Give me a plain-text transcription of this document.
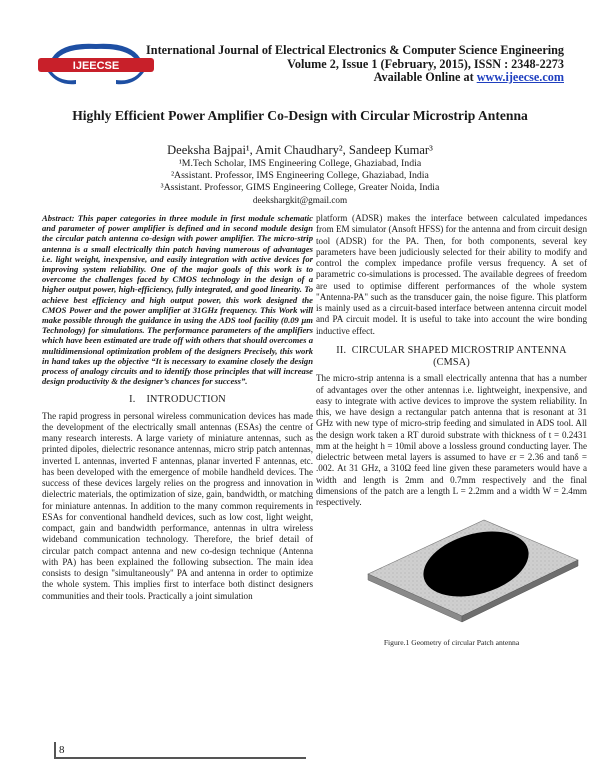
IJEECSE
International Journal of Electrical Electronics & Computer Science Engineering
Volume 2, Issue 1 (February, 2015), ISSN : 2348-2273
Available Online at www.ijeecse.com
Highly Efficient Power Amplifier Co-Design with Circular Microstrip Antenna
Deeksha Bajpai¹, Amit Chaudhary², Sandeep Kumar³
¹M.Tech Scholar, IMS Engineering College, Ghaziabad, India
²Assistant. Professor, IMS Engineering College, Ghaziabad, India
³Assistant. Professor, GIMS Engineering College, Greater Noida, India
deekshargkit@gmail.com

Abstract: This paper categories in three module in first module schematic and parameter of power amplifier is defined and in second module design the circular patch antenna co-design with power amplifier. The micro-strip antenna is a small electrically thin patch having numerous of advantages i.e. light weight, inexpensive, and easily integration with active devices for improving system reliability. One of the major goals of this work is to overcome the challenges faced by CMOS technology in the design of a higher output power, high-efficiency, fully integrated, and good linearity. To achieve best efficiency and high output power, this work designed the CMOS Power and the power amplifier at 31GHz frequency. This Work will make possible through the guidance in using the ADS tool facility (0.09 µm Technology) for simulations. The performance parameters of the amplifiers which have been estimated are trade off with others that should overcomes a multidimensional optimization problem of the designers Precisely, this work in hand takes up the objective “It is necessary to examine closely the design process of analogy circuits and to identify those principles that will increase design productivity & the designer’s chances for success”.

I.    INTRODUCTION

The rapid progress in personal wireless communication devices has made the development of the electrically small antennas (ESAs) the centre of many research interests. A large variety of miniature antennas, such as printed dipoles, dielectric resonance antennas, micro strip patch antennas, inverted L antennas, inverted F antennas, planar inverted F antennas, etc. has been developed with the emergence of mobile handheld devices. The success of these devices largely relies on the progress and innovation in dielectric materials, the optimization of size, gain, bandwidth, or matching for miniature antennas. In addition to the many common requirements in ESAs for conventional handheld devices, such as low cost, light weight, compact, gain and bandwidth performance, antennas in ultra wireless wideband communication technology. Therefore, the brief detail of circular patch compact antenna and new co-design technique (Antenna with PA) has been explained the following subsection. The main idea consists to design "simultaneously" PA and antenna in order to optimize the whole system. This implies first to interface both distinct designers communities and their tools. Practically a joint simulation

platform (ADSR) makes the interface between calculated impedances from EM simulator (Ansoft HFSS) for the antenna and from circuit design tool (ADSR) for the PA. Then, for both components, several key parameters have been judiciously selected for their ability to modify and control the complex impedance profile versus frequency. A set of parametric co-simulations is processed. The available degrees of freedom are used to optimise different performances of the whole system "Antenna-PA" such as the transducer gain, the noise figure. This platform is mainly used as a circuit-based interface between antenna circuit model and PA circuit model. It is useful to take into account the wire bonding inductive effect.

II.  CIRCULAR SHAPED MICROSTRIP ANTENNA
(CMSA)

The micro-strip antenna is a small electrically antenna that has a number of advantages over the other antennas i.e. lightweight, inexpensive, and easy to integrate with active devices to improve the system reliability. In this, we have design a rectangular patch antenna that is resonant at 31 GHz with new type of micro-strip feeding and simulated in ADS tool. All the design work taken a RT duroid substrate with thickness of t = 0.2431 mm at the height h = 10mil above a lossless ground conducting layer. The dielectric between metal layers is assumed to have εr = 2.36 and tanδ = .002. At 31 GHz, a 310Ω feed line given these parameters would have a width and length is 2mm and 0.7mm respectively and the final dimensions of the patch are a length L = 2.2mm and a width W = 2.4mm respectively.

Figure.1 Geometry of circular Patch antenna
8
